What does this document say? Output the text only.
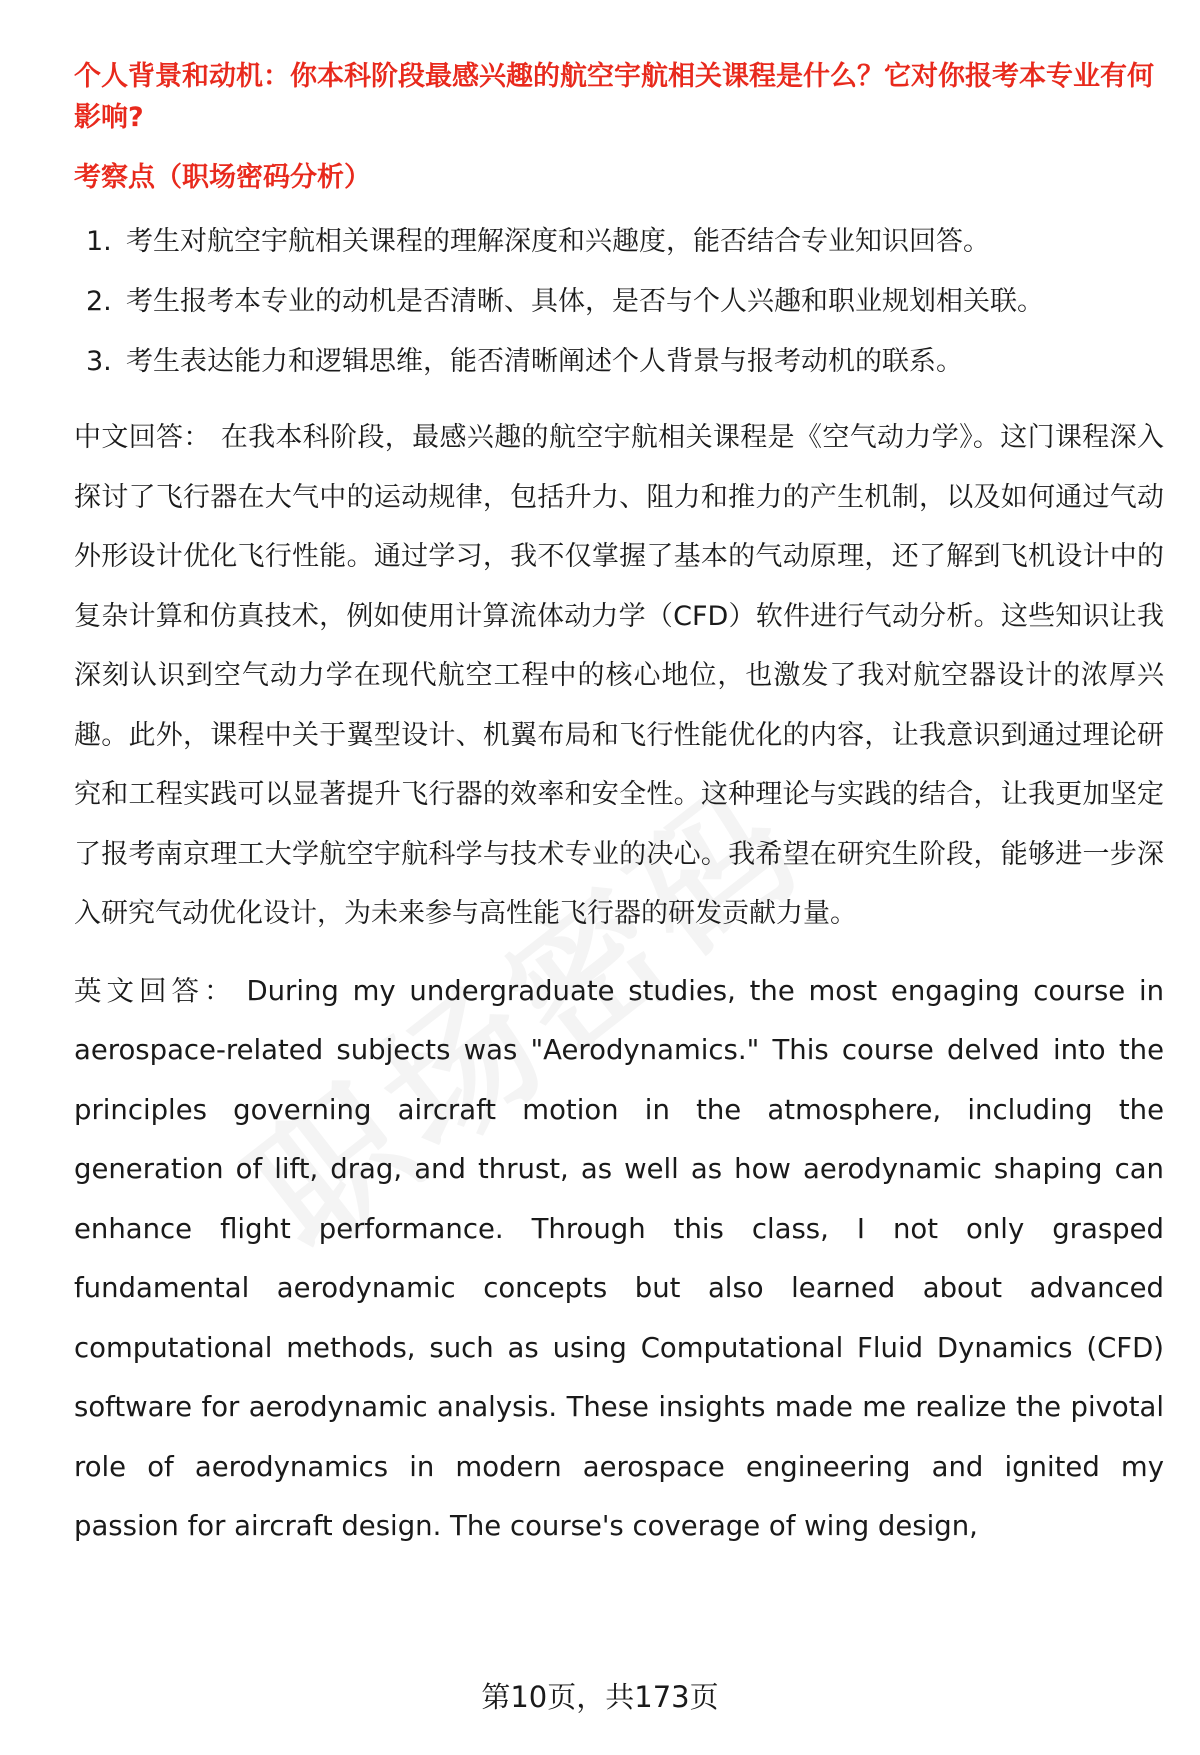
个人背景和动机：你本科阶段最感兴趣的航空宇航相关课程是什么？它对你报考本专业有何影响?

考察点（职场密码分析）

1. 考生对航空宇航相关课程的理解深度和兴趣度，能否结合专业知识回答。
2. 考生报考本专业的动机是否清晰、具体，是否与个人兴趣和职业规划相关联。
3. 考生表达能力和逻辑思维，能否清晰阐述个人背景与报考动机的联系。

中文回答： 在我本科阶段，最感兴趣的航空宇航相关课程是《空气动力学》。这门课程深入探讨了飞行器在大气中的运动规律，包括升力、阻力和推力的产生机制，以及如何通过气动外形设计优化飞行性能。通过学习，我不仅掌握了基本的气动原理，还了解到飞机设计中的复杂计算和仿真技术，例如使用计算流体动力学（CFD）软件进行气动分析。这些知识让我深刻认识到空气动力学在现代航空工程中的核心地位，也激发了我对航空器设计的浓厚兴趣。此外，课程中关于翼型设计、机翼布局和飞行性能优化的内容，让我意识到通过理论研究和工程实践可以显著提升飞行器的效率和安全性。这种理论与实践的结合，让我更加坚定了报考南京理工大学航空宇航科学与技术专业的决心。我希望在研究生阶段，能够进一步深入研究气动优化设计，为未来参与高性能飞行器的研发贡献力量。

英文回答： During my undergraduate studies, the most engaging course in aerospace-related subjects was "Aerodynamics." This course delved into the principles governing aircraft motion in the atmosphere, including the generation of lift, drag, and thrust, as well as how aerodynamic shaping can enhance flight performance. Through this class, I not only grasped fundamental aerodynamic concepts but also learned about advanced computational methods, such as using Computational Fluid Dynamics (CFD) software for aerodynamic analysis. These insights made me realize the pivotal role of aerodynamics in modern aerospace engineering and ignited my passion for aircraft design. The course's coverage of wing design,

第10页，共173页
